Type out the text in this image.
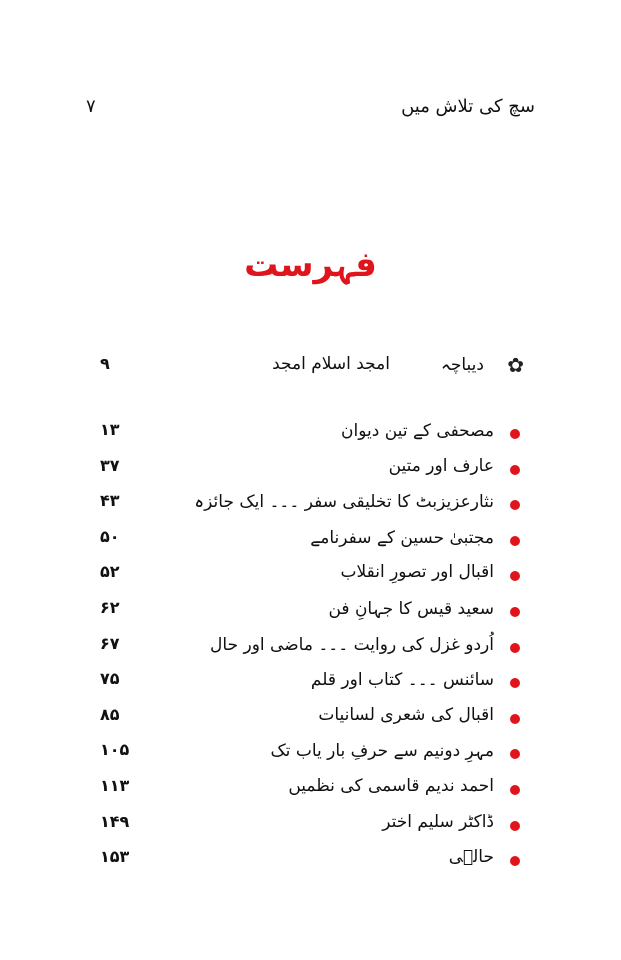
سچ کی تلاش میں
۷
فہرست
✿
دیباچہ
امجد اسلام امجد
۹
مصحفی کے تین دیوان
۱۳
عارف اور متین
۳۷
نثارعزیزبٹ کا تخلیقی سفر ۔۔۔ ایک جائزہ
۴۳
مجتبیٰ حسین کے سفرنامے
۵۰
اقبال اور تصورِ انقلاب
۵۲
سعید قیس کا جہانِ فن
۶۲
اُردو غزل کی روایت ۔۔۔ ماضی اور حال
۶۷
سائنس ۔۔۔ کتاب اور قلم
۷۵
اقبال کی شعری لسانیات
۸۵
مہرِ دونیم سے حرفِ بار یاب تک
۱۰۵
احمد ندیم قاسمی کی نظمیں
۱۱۳
ڈاکٹر سلیم اختر
۱۴۹
حالؔی
۱۵۳
